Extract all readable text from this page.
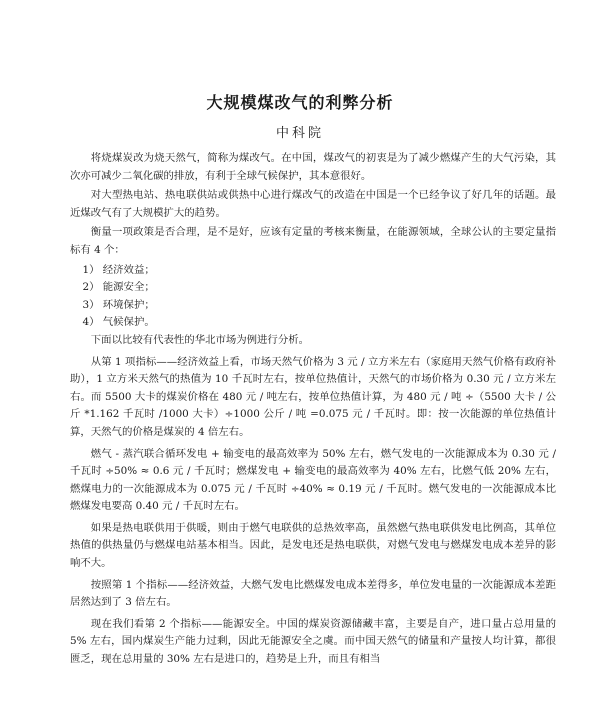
大规模煤改气的利弊分析
中科院

将烧煤炭改为烧天然气，简称为煤改气。在中国，煤改气的初衷是为了减少燃煤产生的大气污染，其次亦可减少二氧化碳的排放，有利于全球气候保护，其本意很好。

对大型热电站、热电联供站或供热中心进行煤改气的改造在中国是一个已经争议了好几年的话题。最近煤改气有了大规模扩大的趋势。

衡量一项政策是否合理，是不是好，应该有定量的考核来衡量，在能源领域，全球公认的主要定量指标有 4 个：

1） 经济效益；

2） 能源安全；

3） 环境保护；

4） 气候保护。

下面以比较有代表性的华北市场为例进行分析。

从第 1 项指标——经济效益上看，市场天然气价格为 3 元 / 立方米左右（家庭用天然气价格有政府补助），1 立方米天然气的热值为 10 千瓦时左右，按单位热值计，天然气的市场价格为 0.30 元 / 立方米左右。而 5500 大卡的煤炭价格在 480 元 / 吨左右，按单位热值计算，为 480 元 / 吨 ÷（5500 大卡 / 公斤 *1.162 千瓦时 /1000 大卡）÷1000 公斤 / 吨 =0.075 元 / 千瓦时。即：按一次能源的单位热值计算，天然气的价格是煤炭的 4 倍左右。

燃气 - 蒸汽联合循环发电 + 输变电的最高效率为 50% 左右，燃气发电的一次能源成本为 0.30 元 / 千瓦时 ÷50% ≈ 0.6 元 / 千瓦时；燃煤发电 + 输变电的最高效率为 40% 左右，比燃气低 20% 左右，燃煤电力的一次能源成本为 0.075 元 / 千瓦时 ÷40% ≈ 0.19 元 / 千瓦时。燃气发电的一次能源成本比燃煤发电要高 0.40 元 / 千瓦时左右。

如果是热电联供用于供暖，则由于燃气电联供的总热效率高，虽然燃气热电联供发电比例高，其单位热值的供热量仍与燃煤电站基本相当。因此，是发电还是热电联供，对燃气发电与燃煤发电成本差异的影响不大。

按照第 1 个指标——经济效益，大燃气发电比燃煤发电成本差得多，单位发电量的一次能源成本差距居然达到了 3 倍左右。

现在我们看第 2 个指标——能源安全。中国的煤炭资源储藏丰富，主要是自产，进口量占总用量的 5% 左右，国内煤炭生产能力过剩，因此无能源安全之虞。而中国天然气的储量和产量按人均计算，都很匮乏，现在总用量的 30% 左右是进口的，趋势是上升，而且有相当
